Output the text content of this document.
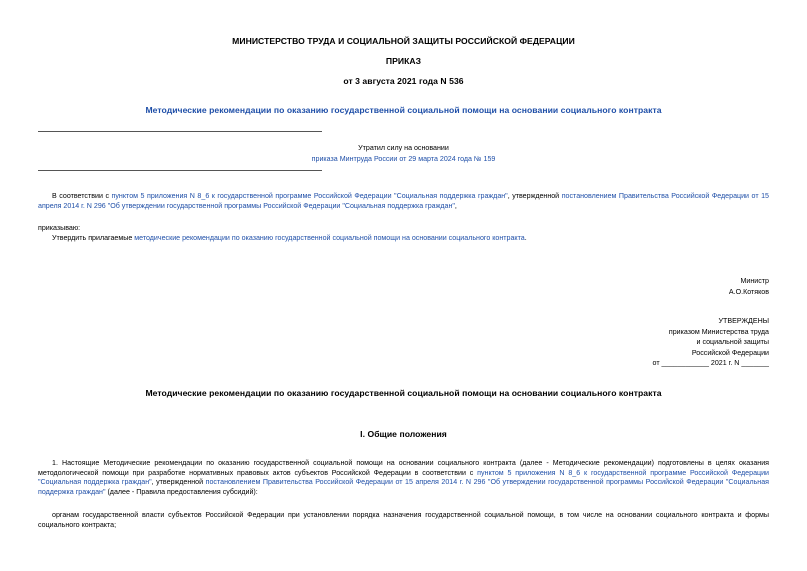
МИНИСТЕРСТВО ТРУДА И СОЦИАЛЬНОЙ ЗАЩИТЫ РОССИЙСКОЙ ФЕДЕРАЦИИ
ПРИКАЗ
от 3 августа 2021 года N 536
Методические рекомендации по оказанию государственной социальной помощи на основании социального контракта
Утратил силу на основании
приказа Минтруда России от 29 марта 2024 года № 159
В соответствии с пунктом 5 приложения N 8_6 к государственной программе Российской Федерации "Социальная поддержка граждан", утвержденной постановлением Правительства Российской Федерации от 15 апреля 2014 г. N 296 "Об утверждении государственной программы Российской Федерации "Социальная поддержка граждан",
приказываю:
Утвердить прилагаемые методические рекомендации по оказанию государственной социальной помощи на основании социального контракта.
Министр
А.О.Котяков
УТВЕРЖДЕНЫ
приказом Министерства труда
и социальной защиты
Российской Федерации
от ____________ 2021 г. N _______
Методические рекомендации по оказанию государственной социальной помощи на основании социального контракта
I. Общие положения
1. Настоящие Методические рекомендации по оказанию государственной социальной помощи на основании социального контракта (далее - Методические рекомендации) подготовлены в целях оказания методологической помощи при разработке нормативных правовых актов субъектов Российской Федерации в соответствии с пунктом 5 приложения N 8_6 к государственной программе Российской Федерации "Социальная поддержка граждан", утвержденной постановлением Правительства Российской Федерации от 15 апреля 2014 г. N 296 "Об утверждении государственной программы Российской Федерации "Социальная поддержка граждан" (далее - Правила предоставления субсидий):
органам государственной власти субъектов Российской Федерации при установлении порядка назначения государственной социальной помощи, в том числе на основании социального контракта и формы социального контракта;
